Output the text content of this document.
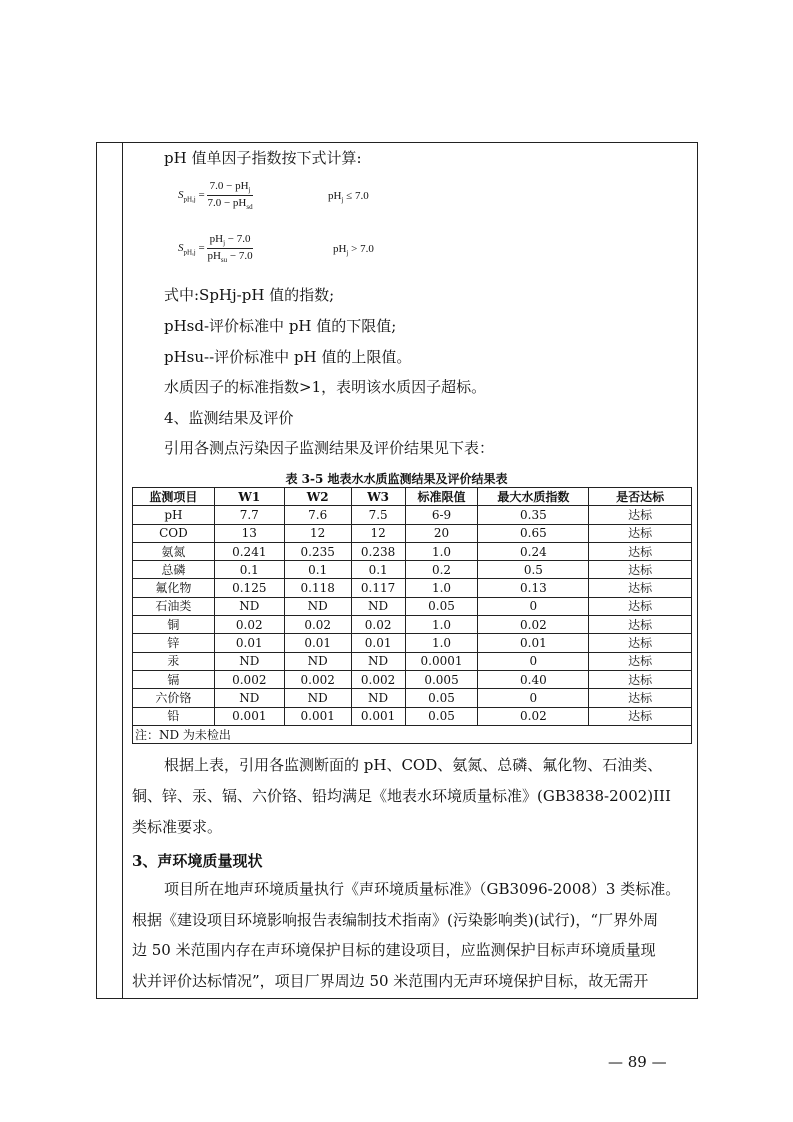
pH 值单因子指数按下式计算:
$S_{pH,j} = \frac{7.0 - pH_j}{7.0 - pH_{sd}}$	$pH_j \le 7.0$
$S_{pH,j} = \frac{pH_j - 7.0}{pH_{su} - 7.0}$	$pH_j > 7.0$
式中:SpHj-pH 值的指数;
pHsd-评价标准中 pH 值的下限值;
pHsu--评价标准中 pH 值的上限值。
水质因子的标准指数>1，表明该水质因子超标。
4、监测结果及评价
引用各测点污染因子监测结果及评价结果见下表：
表 3-5 地表水水质监测结果及评价结果表
监测项目	W1	W2	W3	标准限值	最大水质指数	是否达标
pH	7.7	7.6	7.5	6-9	0.35	达标
COD	13	12	12	20	0.65	达标
氨氮	0.241	0.235	0.238	1.0	0.24	达标
总磷	0.1	0.1	0.1	0.2	0.5	达标
氟化物	0.125	0.118	0.117	1.0	0.13	达标
石油类	ND	ND	ND	0.05	0	达标
铜	0.02	0.02	0.02	1.0	0.02	达标
锌	0.01	0.01	0.01	1.0	0.01	达标
汞	ND	ND	ND	0.0001	0	达标
镉	0.002	0.002	0.002	0.005	0.40	达标
六价铬	ND	ND	ND	0.05	0	达标
铅	0.001	0.001	0.001	0.05	0.02	达标
注：ND 为未检出						
根据上表，引用各监测断面的 pH、COD、氨氮、总磷、氟化物、石油类、
铜、锌、汞、镉、六价铬、铅均满足《地表水环境质量标准》(GB3838-2002)III
类标准要求。
3、声环境质量现状
项目所在地声环境质量执行《声环境质量标准》（GB3096-2008）3 类标准。
根据《建设项目环境影响报告表编制技术指南》(污染影响类)(试行)，“厂界外周
边 50 米范围内存在声环境保护目标的建设项目，应监测保护目标声环境质量现
状并评价达标情况”，项目厂界周边 50 米范围内无声环境保护目标，故无需开
— 89 —
